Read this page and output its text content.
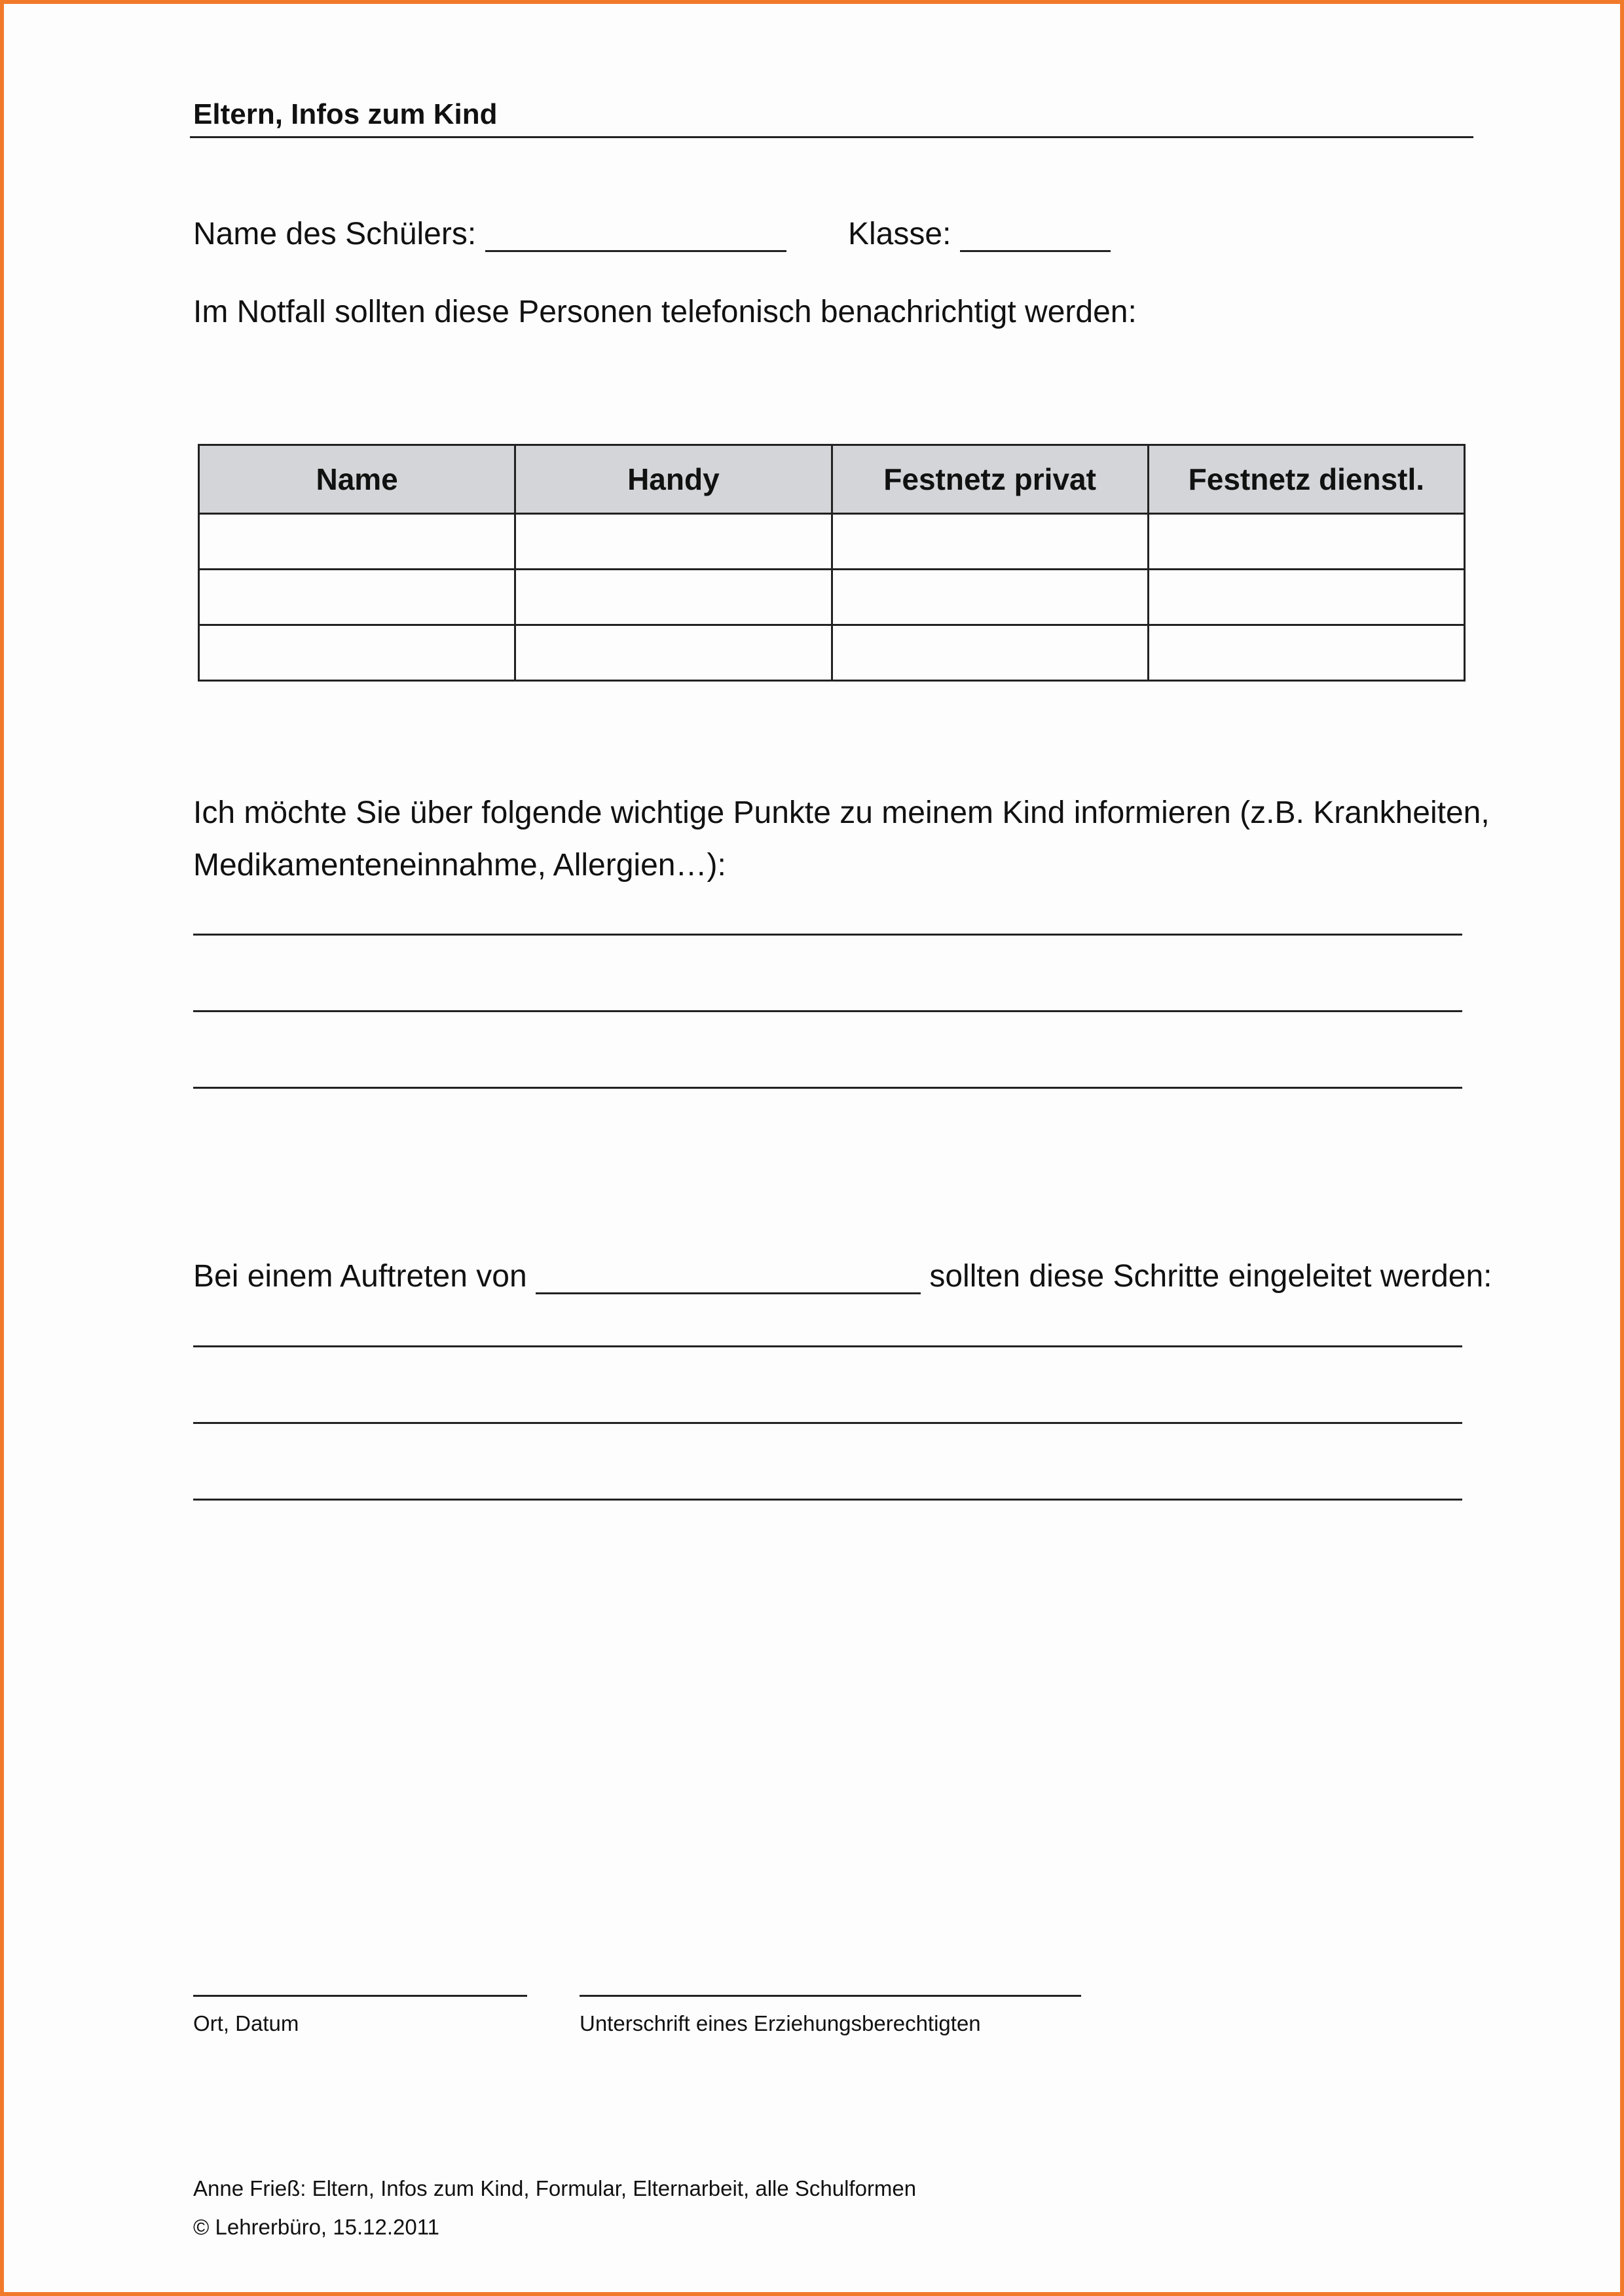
Eltern, Infos zum Kind
Name des Schülers:	Klasse:
Im Notfall sollten diese Personen telefonisch benachrichtigt werden:
Name	Handy	Festnetz privat	Festnetz dienstl.

Ich möchte Sie über folgende wichtige Punkte zu meinem Kind informieren (z.B. Krankheiten,
Medikamenteneinnahme, Allergien…):
Bei einem Auftreten von	sollten diese Schritte eingeleitet werden:
Ort, Datum	Unterschrift eines Erziehungsberechtigten
Anne Frieß: Eltern, Infos zum Kind, Formular, Elternarbeit, alle Schulformen
© Lehrerbüro, 15.12.2011
